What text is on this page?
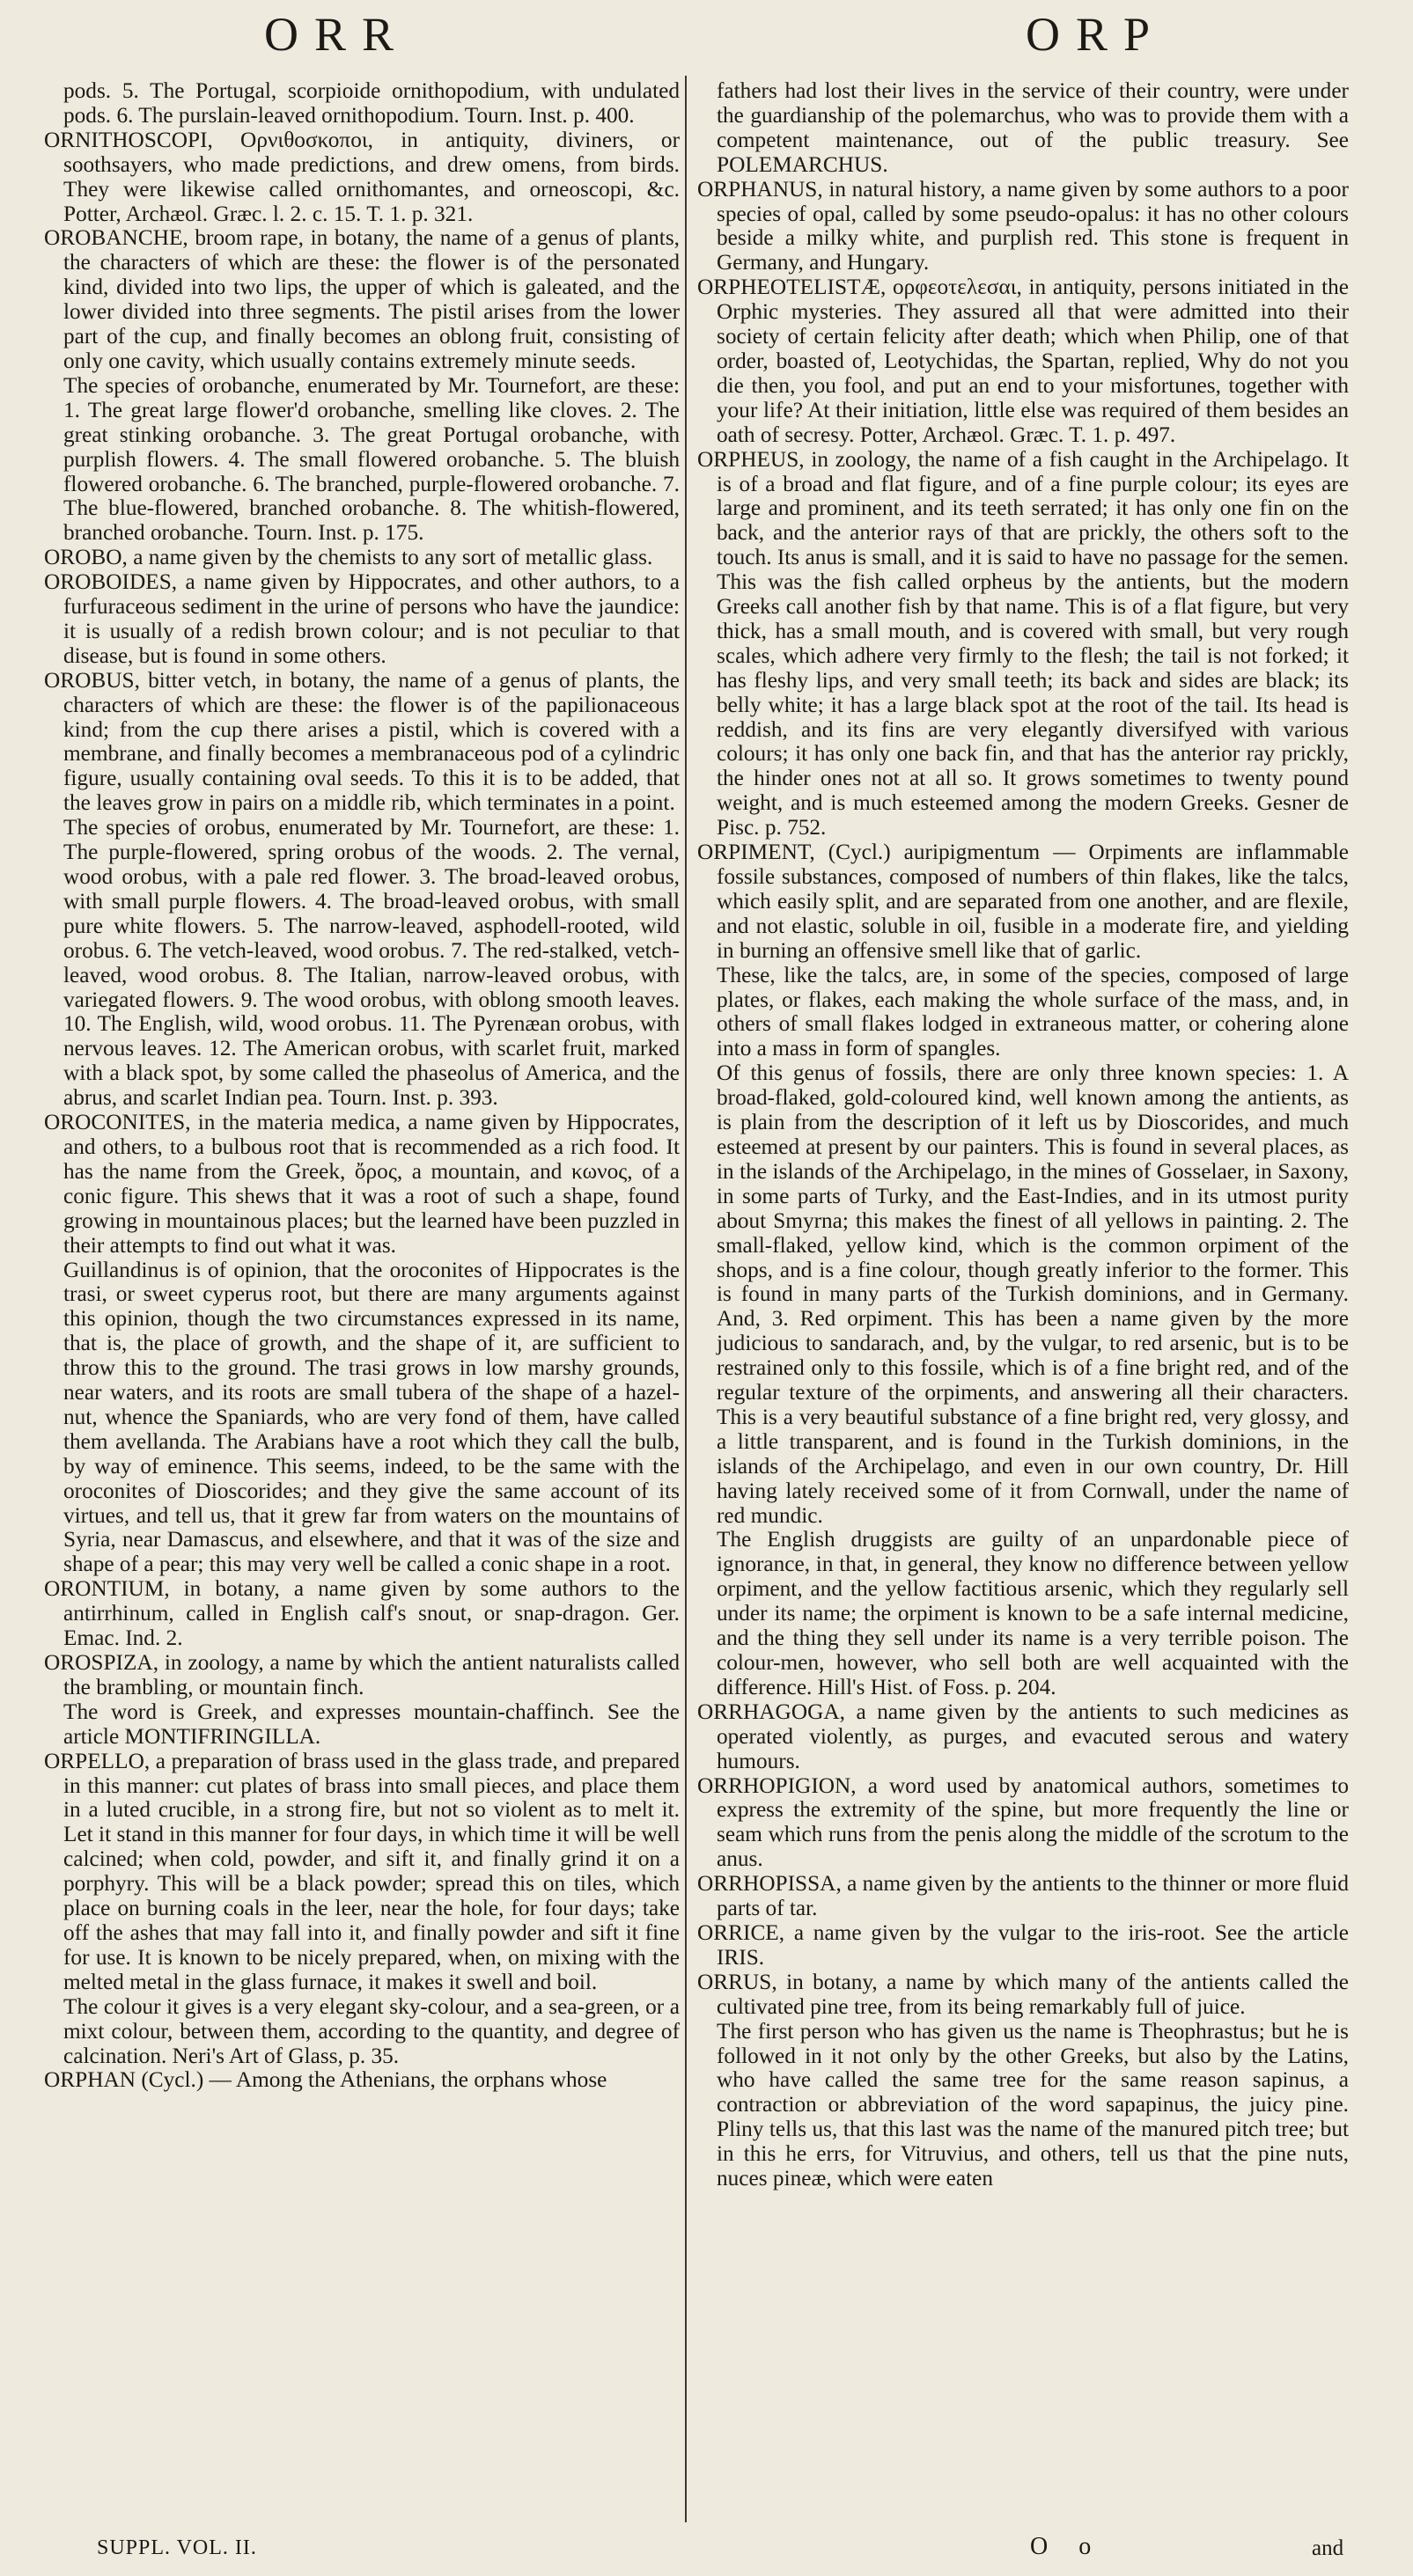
ORR	ORP

pods. 5. The Portugal, scorpioide ornithopodium, with undulated pods. 6. The purslain-leaved ornithopodium. Tourn. Inst. p. 400.

ORNITHOSCOPI, Ορνιθοσκοποι, in antiquity, diviners, or soothsayers, who made predictions, and drew omens, from birds. They were likewise called ornithomantes, and orneoscopi, &c. Potter, Archæol. Græc. l. 2. c. 15. T. 1. p. 321.

OROBANCHE, broom rape, in botany, the name of a genus of plants, the characters of which are these: the flower is of the personated kind, divided into two lips, the upper of which is galeated, and the lower divided into three segments. The pistil arises from the lower part of the cup, and finally becomes an oblong fruit, consisting of only one cavity, which usually contains extremely minute seeds.

The species of orobanche, enumerated by Mr. Tournefort, are these: 1. The great large flower'd orobanche, smelling like cloves. 2. The great stinking orobanche. 3. The great Portugal orobanche, with purplish flowers. 4. The small flowered orobanche. 5. The bluish flowered orobanche. 6. The branched, purple-flowered orobanche. 7. The blue-flowered, branched orobanche. 8. The whitish-flowered, branched orobanche. Tourn. Inst. p. 175.

OROBO, a name given by the chemists to any sort of metallic glass.

OROBOIDES, a name given by Hippocrates, and other authors, to a furfuraceous sediment in the urine of persons who have the jaundice: it is usually of a redish brown colour; and is not peculiar to that disease, but is found in some others.

OROBUS, bitter vetch, in botany, the name of a genus of plants, the characters of which are these: the flower is of the papilionaceous kind; from the cup there arises a pistil, which is covered with a membrane, and finally becomes a membranaceous pod of a cylindric figure, usually containing oval seeds. To this it is to be added, that the leaves grow in pairs on a middle rib, which terminates in a point.

The species of orobus, enumerated by Mr. Tournefort, are these: 1. The purple-flowered, spring orobus of the woods. 2. The vernal, wood orobus, with a pale red flower. 3. The broad-leaved orobus, with small purple flowers. 4. The broad-leaved orobus, with small pure white flowers. 5. The narrow-leaved, asphodell-rooted, wild orobus. 6. The vetch-leaved, wood orobus. 7. The red-stalked, vetch-leaved, wood orobus. 8. The Italian, narrow-leaved orobus, with variegated flowers. 9. The wood orobus, with oblong smooth leaves. 10. The English, wild, wood orobus. 11. The Pyrenæan orobus, with nervous leaves. 12. The American orobus, with scarlet fruit, marked with a black spot, by some called the phaseolus of America, and the abrus, and scarlet Indian pea. Tourn. Inst. p. 393.

OROCONITES, in the materia medica, a name given by Hippocrates, and others, to a bulbous root that is recommended as a rich food. It has the name from the Greek, ὄρος, a mountain, and κωνος, of a conic figure. This shews that it was a root of such a shape, found growing in mountainous places; but the learned have been puzzled in their attempts to find out what it was.

Guillandinus is of opinion, that the oroconites of Hippocrates is the trasi, or sweet cyperus root, but there are many arguments against this opinion, though the two circumstances expressed in its name, that is, the place of growth, and the shape of it, are sufficient to throw this to the ground. The trasi grows in low marshy grounds, near waters, and its roots are small tubera of the shape of a hazel-nut, whence the Spaniards, who are very fond of them, have called them avellanda. The Arabians have a root which they call the bulb, by way of eminence. This seems, indeed, to be the same with the oroconites of Dioscorides; and they give the same account of its virtues, and tell us, that it grew far from waters on the mountains of Syria, near Damascus, and elsewhere, and that it was of the size and shape of a pear; this may very well be called a conic shape in a root.

ORONTIUM, in botany, a name given by some authors to the antirrhinum, called in English calf's snout, or snap-dragon. Ger. Emac. Ind. 2.

OROSPIZA, in zoology, a name by which the antient naturalists called the brambling, or mountain finch.

The word is Greek, and expresses mountain-chaffinch. See the article MONTIFRINGILLA.

ORPELLO, a preparation of brass used in the glass trade, and prepared in this manner: cut plates of brass into small pieces, and place them in a luted crucible, in a strong fire, but not so violent as to melt it. Let it stand in this manner for four days, in which time it will be well calcined; when cold, powder, and sift it, and finally grind it on a porphyry. This will be a black powder; spread this on tiles, which place on burning coals in the leer, near the hole, for four days; take off the ashes that may fall into it, and finally powder and sift it fine for use. It is known to be nicely prepared, when, on mixing with the melted metal in the glass furnace, it makes it swell and boil.

The colour it gives is a very elegant sky-colour, and a sea-green, or a mixt colour, between them, according to the quantity, and degree of calcination. Neri's Art of Glass, p. 35.

ORPHAN (Cycl.) — Among the Athenians, the orphans whose

fathers had lost their lives in the service of their country, were under the guardianship of the polemarchus, who was to provide them with a competent maintenance, out of the public treasury. See POLEMARCHUS.

ORPHANUS, in natural history, a name given by some authors to a poor species of opal, called by some pseudo-opalus: it has no other colours beside a milky white, and purplish red. This stone is frequent in Germany, and Hungary.

ORPHEOTELISTÆ, ορφεοτελεσαι, in antiquity, persons initiated in the Orphic mysteries. They assured all that were admitted into their society of certain felicity after death; which when Philip, one of that order, boasted of, Leotychidas, the Spartan, replied, Why do not you die then, you fool, and put an end to your misfortunes, together with your life? At their initiation, little else was required of them besides an oath of secresy. Potter, Archæol. Græc. T. 1. p. 497.

ORPHEUS, in zoology, the name of a fish caught in the Archipelago. It is of a broad and flat figure, and of a fine purple colour; its eyes are large and prominent, and its teeth serrated; it has only one fin on the back, and the anterior rays of that are prickly, the others soft to the touch. Its anus is small, and it is said to have no passage for the semen.

This was the fish called orpheus by the antients, but the modern Greeks call another fish by that name. This is of a flat figure, but very thick, has a small mouth, and is covered with small, but very rough scales, which adhere very firmly to the flesh; the tail is not forked; it has fleshy lips, and very small teeth; its back and sides are black; its belly white; it has a large black spot at the root of the tail. Its head is reddish, and its fins are very elegantly diversifyed with various colours; it has only one back fin, and that has the anterior ray prickly, the hinder ones not at all so. It grows sometimes to twenty pound weight, and is much esteemed among the modern Greeks. Gesner de Pisc. p. 752.

ORPIMENT, (Cycl.) auripigmentum — Orpiments are inflammable fossile substances, composed of numbers of thin flakes, like the talcs, which easily split, and are separated from one another, and are flexile, and not elastic, soluble in oil, fusible in a moderate fire, and yielding in burning an offensive smell like that of garlic.

These, like the talcs, are, in some of the species, composed of large plates, or flakes, each making the whole surface of the mass, and, in others of small flakes lodged in extraneous matter, or cohering alone into a mass in form of spangles.

Of this genus of fossils, there are only three known species: 1. A broad-flaked, gold-coloured kind, well known among the antients, as is plain from the description of it left us by Dioscorides, and much esteemed at present by our painters. This is found in several places, as in the islands of the Archipelago, in the mines of Gosselaer, in Saxony, in some parts of Turky, and the East-Indies, and in its utmost purity about Smyrna; this makes the finest of all yellows in painting. 2. The small-flaked, yellow kind, which is the common orpiment of the shops, and is a fine colour, though greatly inferior to the former. This is found in many parts of the Turkish dominions, and in Germany. And, 3. Red orpiment. This has been a name given by the more judicious to sandarach, and, by the vulgar, to red arsenic, but is to be restrained only to this fossile, which is of a fine bright red, and of the regular texture of the orpiments, and answering all their characters. This is a very beautiful substance of a fine bright red, very glossy, and a little transparent, and is found in the Turkish dominions, in the islands of the Archipelago, and even in our own country, Dr. Hill having lately received some of it from Cornwall, under the name of red mundic.

The English druggists are guilty of an unpardonable piece of ignorance, in that, in general, they know no difference between yellow orpiment, and the yellow factitious arsenic, which they regularly sell under its name; the orpiment is known to be a safe internal medicine, and the thing they sell under its name is a very terrible poison. The colour-men, however, who sell both are well acquainted with the difference. Hill's Hist. of Foss. p. 204.

ORRHAGOGA, a name given by the antients to such medicines as operated violently, as purges, and evacuted serous and watery humours.

ORRHOPIGION, a word used by anatomical authors, sometimes to express the extremity of the spine, but more frequently the line or seam which runs from the penis along the middle of the scrotum to the anus.

ORRHOPISSA, a name given by the antients to the thinner or more fluid parts of tar.

ORRICE, a name given by the vulgar to the iris-root. See the article IRIS.

ORRUS, in botany, a name by which many of the antients called the cultivated pine tree, from its being remarkably full of juice.

The first person who has given us the name is Theophrastus; but he is followed in it not only by the other Greeks, but also by the Latins, who have called the same tree for the same reason sapinus, a contraction or abbreviation of the word sapapinus, the juicy pine. Pliny tells us, that this last was the name of the manured pitch tree; but in this he errs, for Vitruvius, and others, tell us that the pine nuts, nuces pineæ, which were eaten

SUPPL. VOL. II.	O o	and
